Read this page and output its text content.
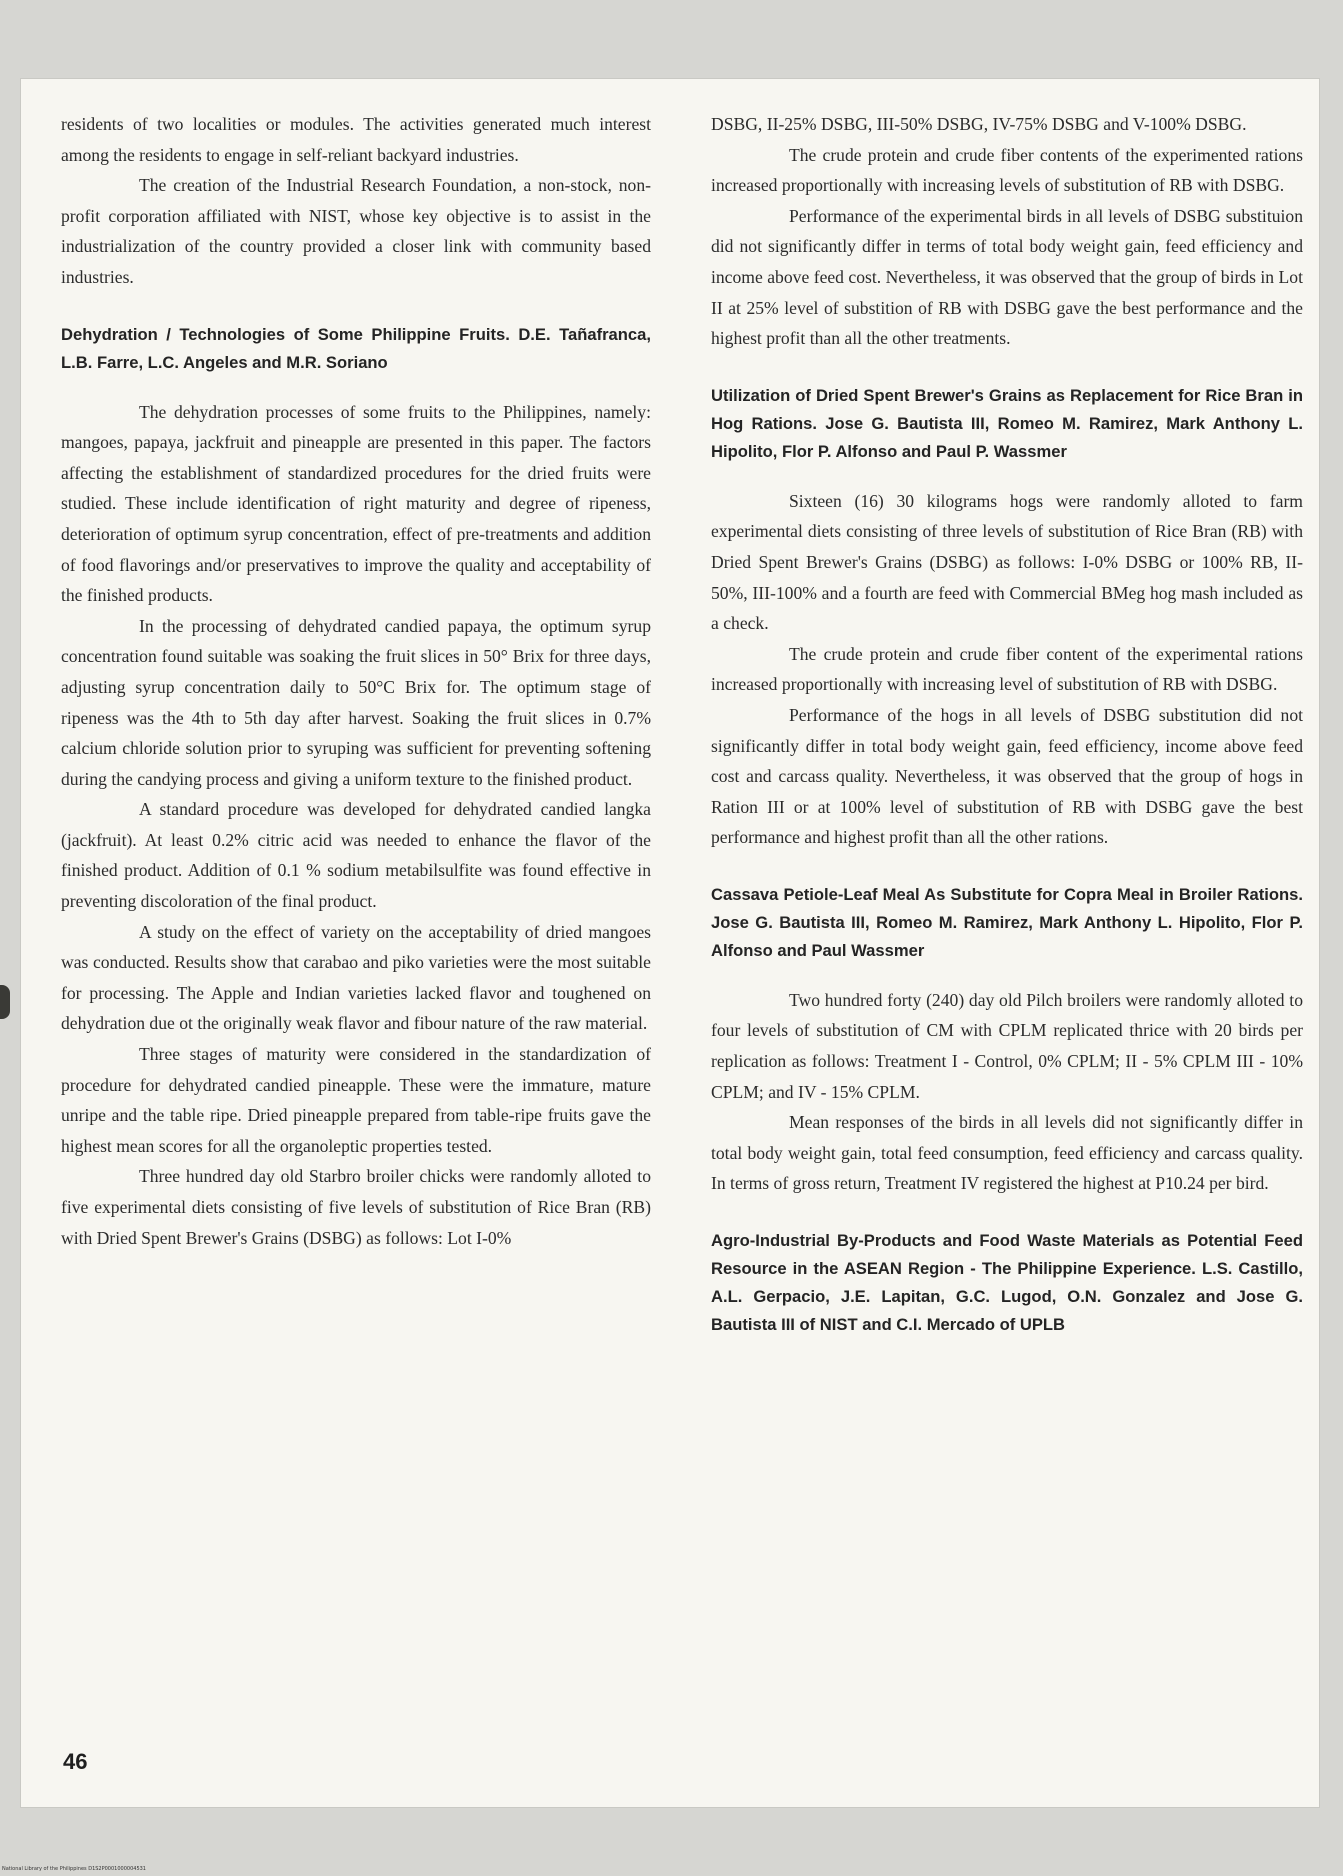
residents of two localities or modules. The activities generated much interest among the residents to engage in self-reliant backyard industries.

The creation of the Industrial Research Foundation, a non-stock, non-profit corporation affiliated with NIST, whose key objective is to assist in the industrialization of the country provided a closer link with community based industries.

Dehydration / Technologies of Some Philippine Fruits. D.E. Tañafranca, L.B. Farre, L.C. Angeles and M.R. Soriano

The dehydration processes of some fruits to the Philippines, namely: mangoes, papaya, jackfruit and pineapple are presented in this paper. The factors affecting the establishment of standardized procedures for the dried fruits were studied. These include identification of right maturity and degree of ripeness, deterioration of optimum syrup concentration, effect of pre-treatments and addition of food flavorings and/or preservatives to improve the quality and acceptability of the finished products.

In the processing of dehydrated candied papaya, the optimum syrup concentration found suitable was soaking the fruit slices in 50° Brix for three days, adjusting syrup concentration daily to 50°C Brix for. The optimum stage of ripeness was the 4th to 5th day after harvest. Soaking the fruit slices in 0.7% calcium chloride solution prior to syruping was sufficient for preventing softening during the candying process and giving a uniform texture to the finished product.

A standard procedure was developed for dehydrated candied langka (jackfruit). At least 0.2% citric acid was needed to enhance the flavor of the finished product. Addition of 0.1 % sodium metabilsulfite was found effective in preventing discoloration of the final product.

A study on the effect of variety on the acceptability of dried mangoes was conducted. Results show that carabao and piko varieties were the most suitable for processing. The Apple and Indian varieties lacked flavor and toughened on dehydration due ot the originally weak flavor and fibour nature of the raw material.

Three stages of maturity were considered in the standardization of procedure for dehydrated candied pineapple. These were the immature, mature unripe and the table ripe. Dried pineapple prepared from table-ripe fruits gave the highest mean scores for all the organoleptic properties tested.

Three hundred day old Starbro broiler chicks were randomly alloted to five experimental diets consisting of five levels of substitution of Rice Bran (RB) with Dried Spent Brewer's Grains (DSBG) as follows: Lot I-0%

DSBG, II-25% DSBG, III-50% DSBG, IV-75% DSBG and V-100% DSBG.

The crude protein and crude fiber contents of the experimented rations increased proportionally with increasing levels of substitution of RB with DSBG.

Performance of the experimental birds in all levels of DSBG substituion did not significantly differ in terms of total body weight gain, feed efficiency and income above feed cost. Nevertheless, it was observed that the group of birds in Lot II at 25% level of substition of RB with DSBG gave the best performance and the highest profit than all the other treatments.

Utilization of Dried Spent Brewer's Grains as Replacement for Rice Bran in Hog Rations. Jose G. Bautista III, Romeo M. Ramirez, Mark Anthony L. Hipolito, Flor P. Alfonso and Paul P. Wassmer

Sixteen (16) 30 kilograms hogs were randomly alloted to farm experimental diets consisting of three levels of substitution of Rice Bran (RB) with Dried Spent Brewer's Grains (DSBG) as follows: I-0% DSBG or 100% RB, II-50%, III-100% and a fourth are feed with Commercial BMeg hog mash included as a check.

The crude protein and crude fiber content of the experimental rations increased proportionally with increasing level of substitution of RB with DSBG.

Performance of the hogs in all levels of DSBG substitution did not significantly differ in total body weight gain, feed efficiency, income above feed cost and carcass quality. Nevertheless, it was observed that the group of hogs in Ration III or at 100% level of substitution of RB with DSBG gave the best performance and highest profit than all the other rations.

Cassava Petiole-Leaf Meal As Substitute for Copra Meal in Broiler Rations. Jose G. Bautista III, Romeo M. Ramirez, Mark Anthony L. Hipolito, Flor P. Alfonso and Paul Wassmer

Two hundred forty (240) day old Pilch broilers were randomly alloted to four levels of substitution of CM with CPLM replicated thrice with 20 birds per replication as follows: Treatment I - Control, 0% CPLM; II - 5% CPLM III - 10% CPLM; and IV - 15% CPLM.

Mean responses of the birds in all levels did not significantly differ in total body weight gain, total feed consumption, feed efficiency and carcass quality. In terms of gross return, Treatment IV registered the highest at P10.24 per bird.

Agro-Industrial By-Products and Food Waste Materials as Potential Feed Resource in the ASEAN Region - The Philippine Experience. L.S. Castillo, A.L. Gerpacio, J.E. Lapitan, G.C. Lugod, O.N. Gonzalez and Jose G. Bautista III of NIST and C.I. Mercado of UPLB
46
National Library of the Philippines D1S2P0001000004531
